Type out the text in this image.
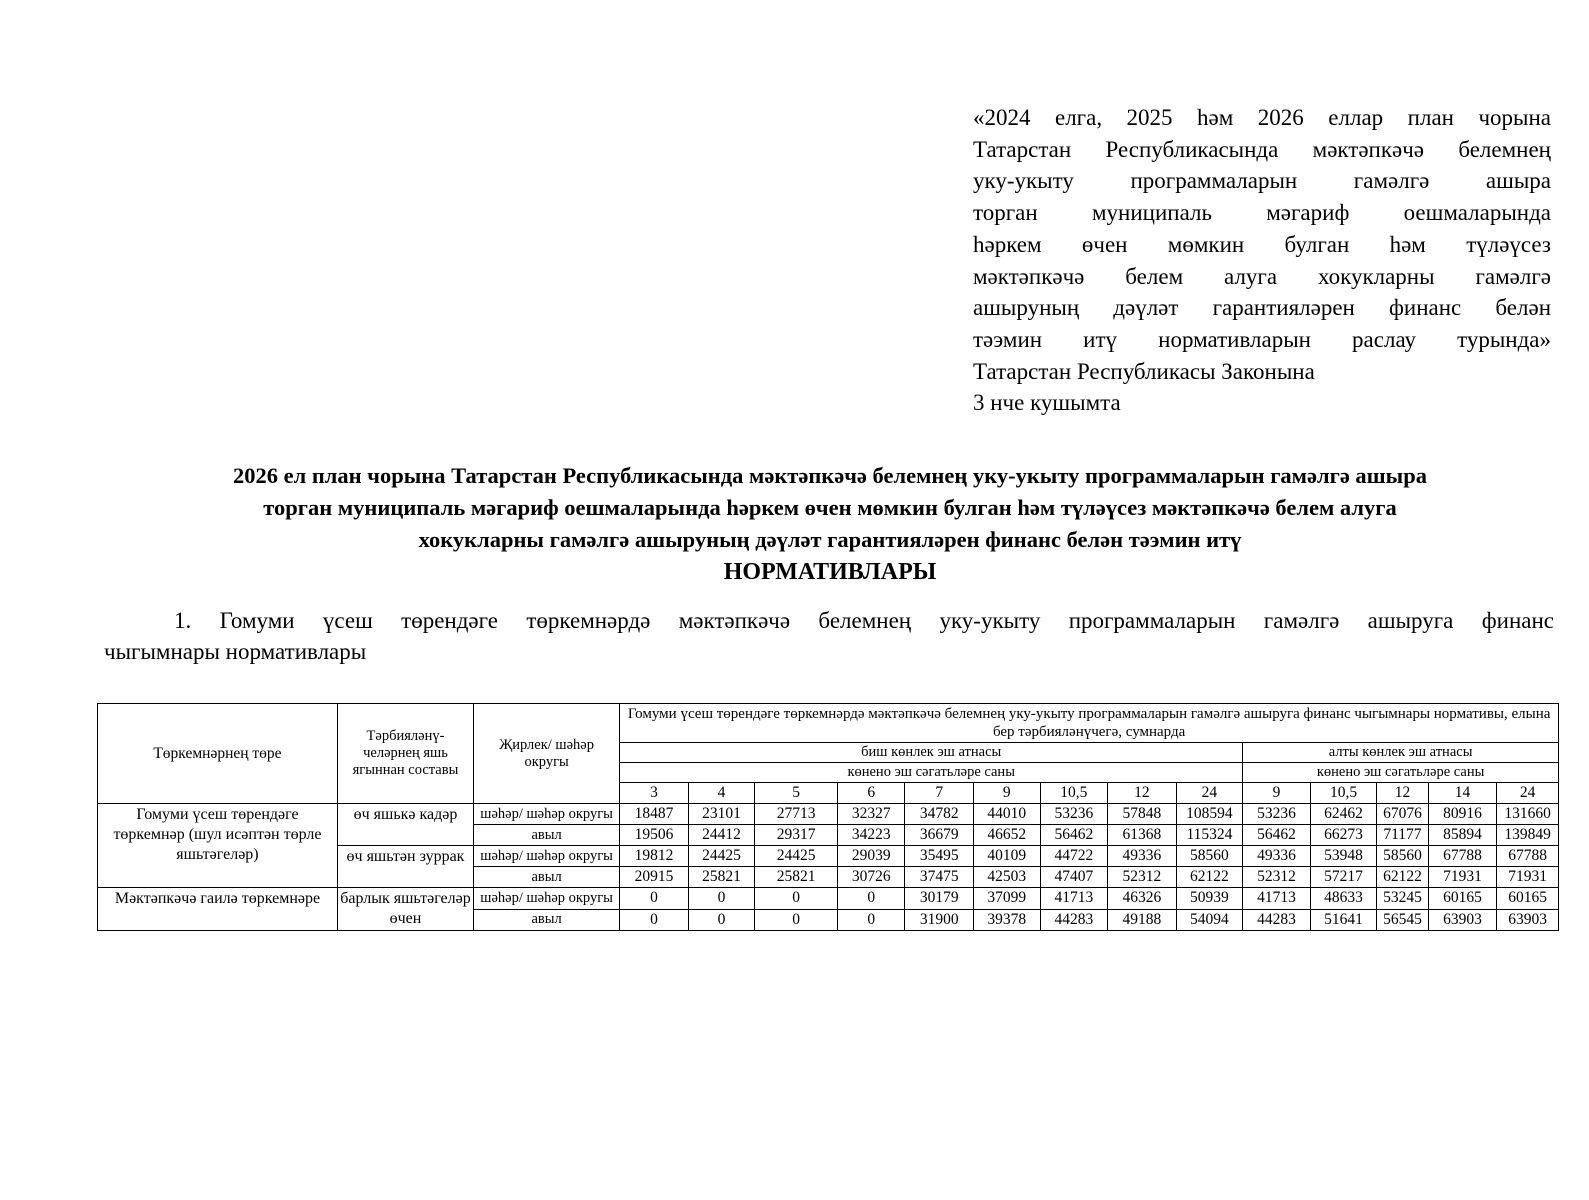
«2024 елга, 2025 һәм 2026 еллар план чорына
Татарстан Республикасында мәктәпкәчә белемнең
уку-укыту программаларын гамәлгә ашыра
торган муниципаль мәгариф оешмаларында
һәркем өчен мөмкин булган һәм түләүсез
мәктәпкәчә белем алуга хокукларны гамәлгә
ашыруның дәүләт гарантияләрен финанс белән
тәэмин итү нормативларын раслау турында»
Татарстан Республикасы Законына
3 нче кушымта
2026 ел план чорына Татарстан Республикасында мәктәпкәчә белемнең уку-укыту программаларын гамәлгә ашыра
торган муниципаль мәгариф оешмаларында һәркем өчен мөмкин булган һәм түләүсез мәктәпкәчә белем алуга
хокукларны гамәлгә ашыруның дәүләт гарантияләрен финанс белән тәэмин итү
НОРМАТИВЛАРЫ
1. Гомуми үсеш төрендәге төркемнәрдә мәктәпкәчә белемнең уку-укыту программаларын гамәлгә ашыруга финанс
чыгымнары нормативлары
Төркемнәрнең төре	Тәрбияләнү-челәрнең яшь ягыннан составы	Җирлек/ шәһәр округы	Гомуми үсеш төрендәге төркемнәрдә мәктәпкәчә белемнең уку-укыту программаларын гамәлгә ашыруга финанс чыгымнары нормативы, елына бер тәрбияләнүчегә, сумнарда													
			биш көнлек эш атнасы									алты көнлек эш атнасы				
			көнено эш сәгатьләре саны									көнено эш сәгатьләре саны				
			3	4	5	6	7	9	10,5	12	24	9	10,5	12	14	24
Гомуми үсеш төрендәге төркемнәр (шул исәптән төрле яшьтәгеләр)	өч яшькә кадәр	шәһәр/ шәһәр округы	18487	23101	27713	32327	34782	44010	53236	57848	108594	53236	62462	67076	80916	131660
		авыл	19506	24412	29317	34223	36679	46652	56462	61368	115324	56462	66273	71177	85894	139849
	өч яшьтән зуррак	шәһәр/ шәһәр округы	19812	24425	24425	29039	35495	40109	44722	49336	58560	49336	53948	58560	67788	67788
		авыл	20915	25821	25821	30726	37475	42503	47407	52312	62122	52312	57217	62122	71931	71931
Мәктәпкәчә гаилә төркемнәре	барлык яшьтәгеләр өчен	шәһәр/ шәһәр округы	0	0	0	0	30179	37099	41713	46326	50939	41713	48633	53245	60165	60165
		авыл	0	0	0	0	31900	39378	44283	49188	54094	44283	51641	56545	63903	63903
